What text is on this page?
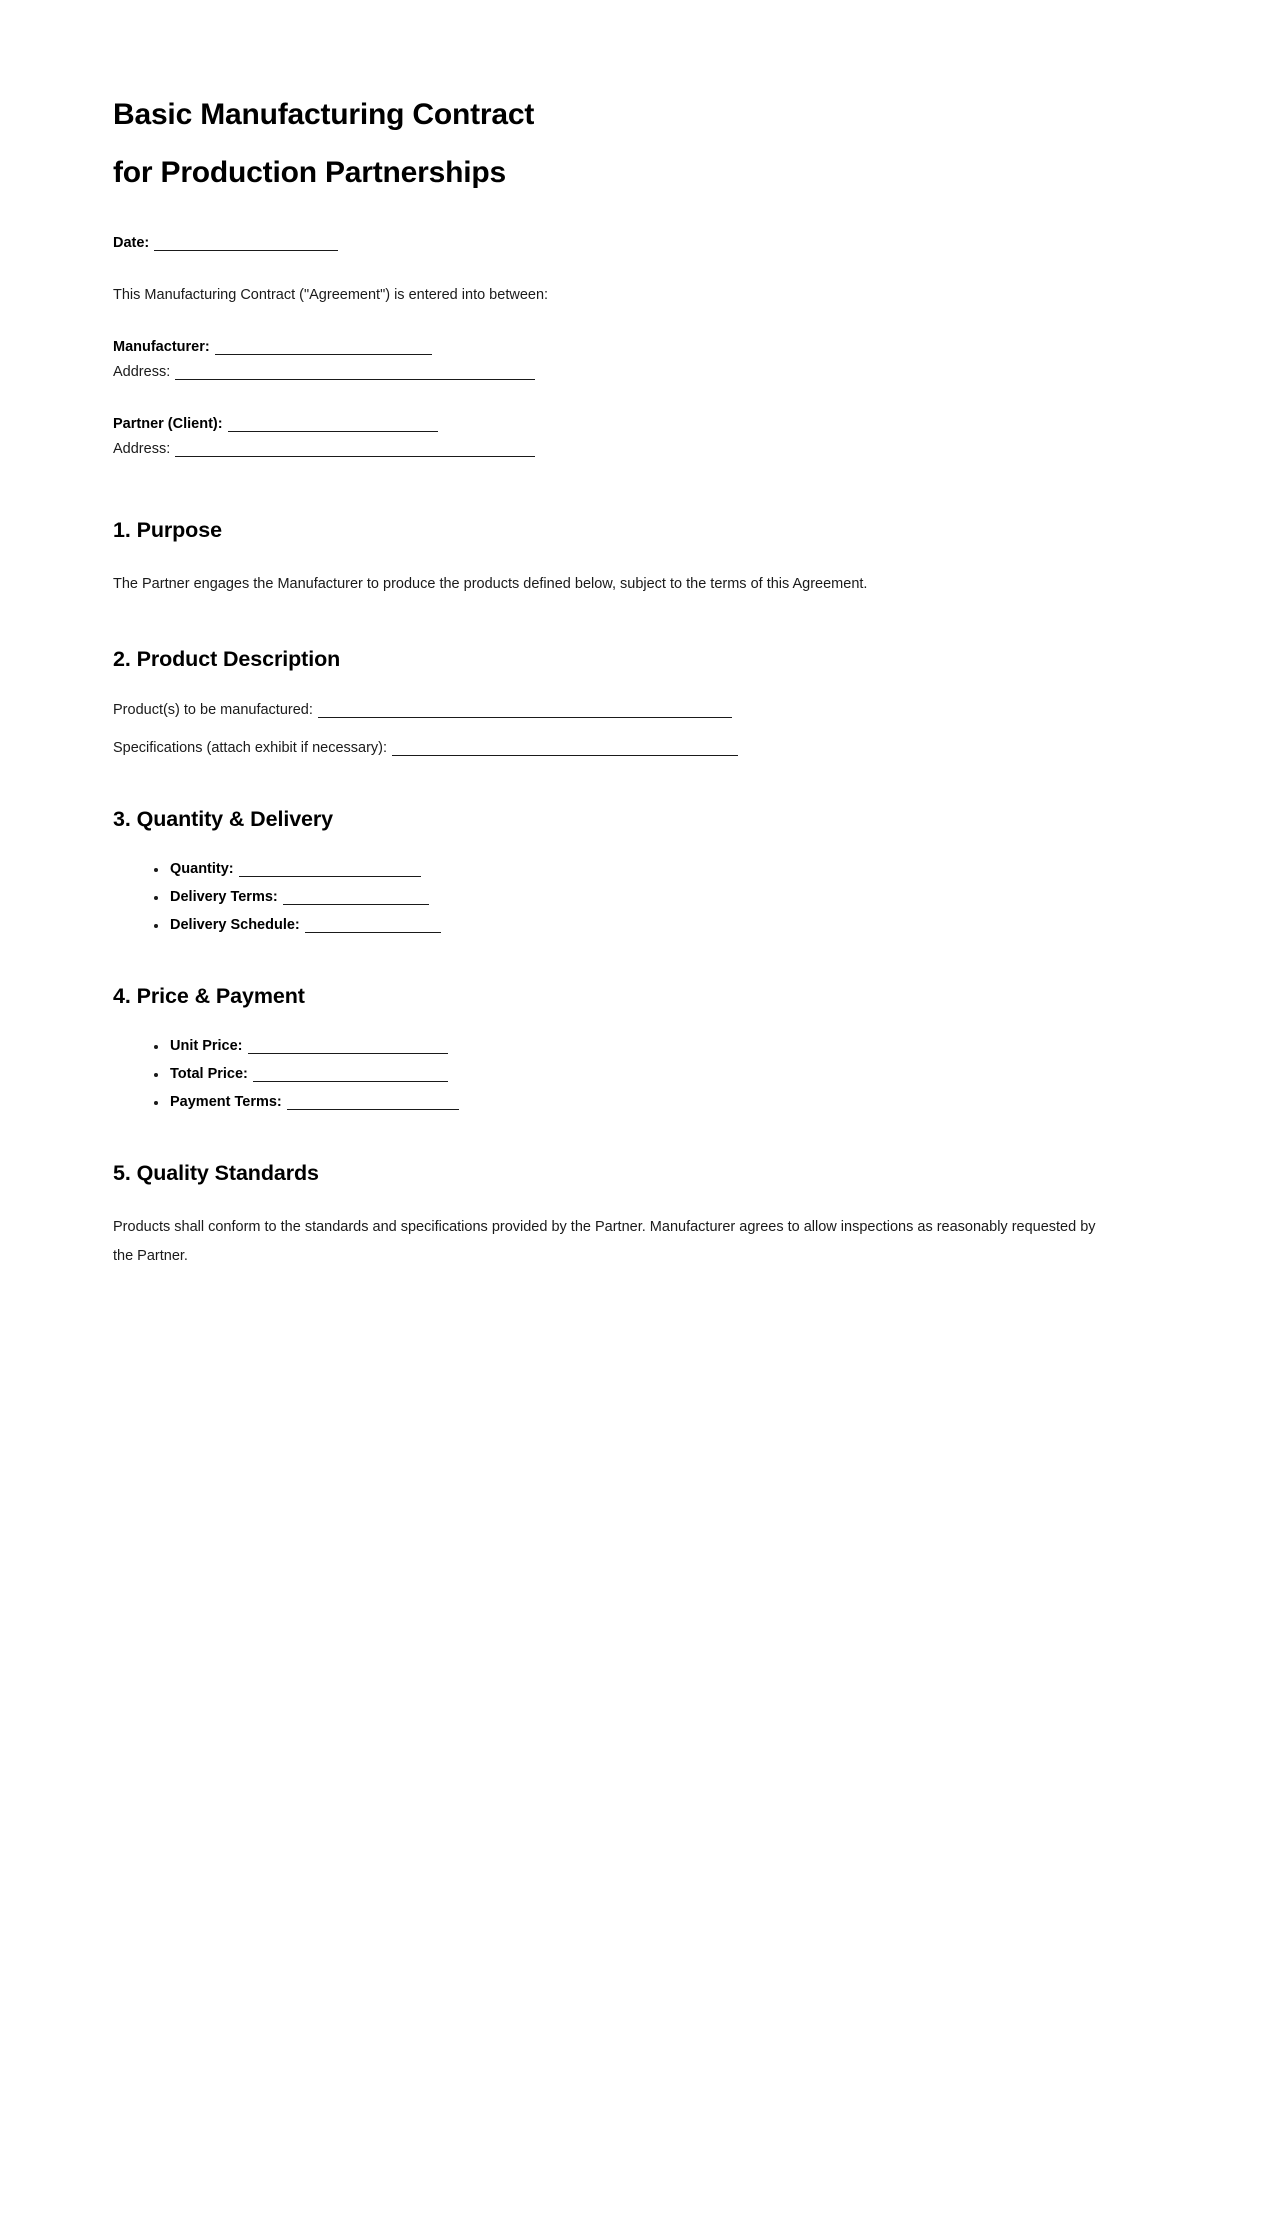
Basic Manufacturing Contract
for Production Partnerships

Date:

This Manufacturing Contract ("Agreement") is entered into between:

Manufacturer:

Address:

Partner (Client):

Address:

1. Purpose

The Partner engages the Manufacturer to produce the products defined below, subject to the terms of this Agreement.

2. Product Description

Product(s) to be manufactured:

Specifications (attach exhibit if necessary):

3. Quantity & Delivery
Quantity:
Delivery Terms:
Delivery Schedule:
4. Price & Payment
Unit Price:
Total Price:
Payment Terms:
5. Quality Standards

Products shall conform to the standards and specifications provided by the Partner. Manufacturer agrees to allow inspections as reasonably requested by the Partner.
